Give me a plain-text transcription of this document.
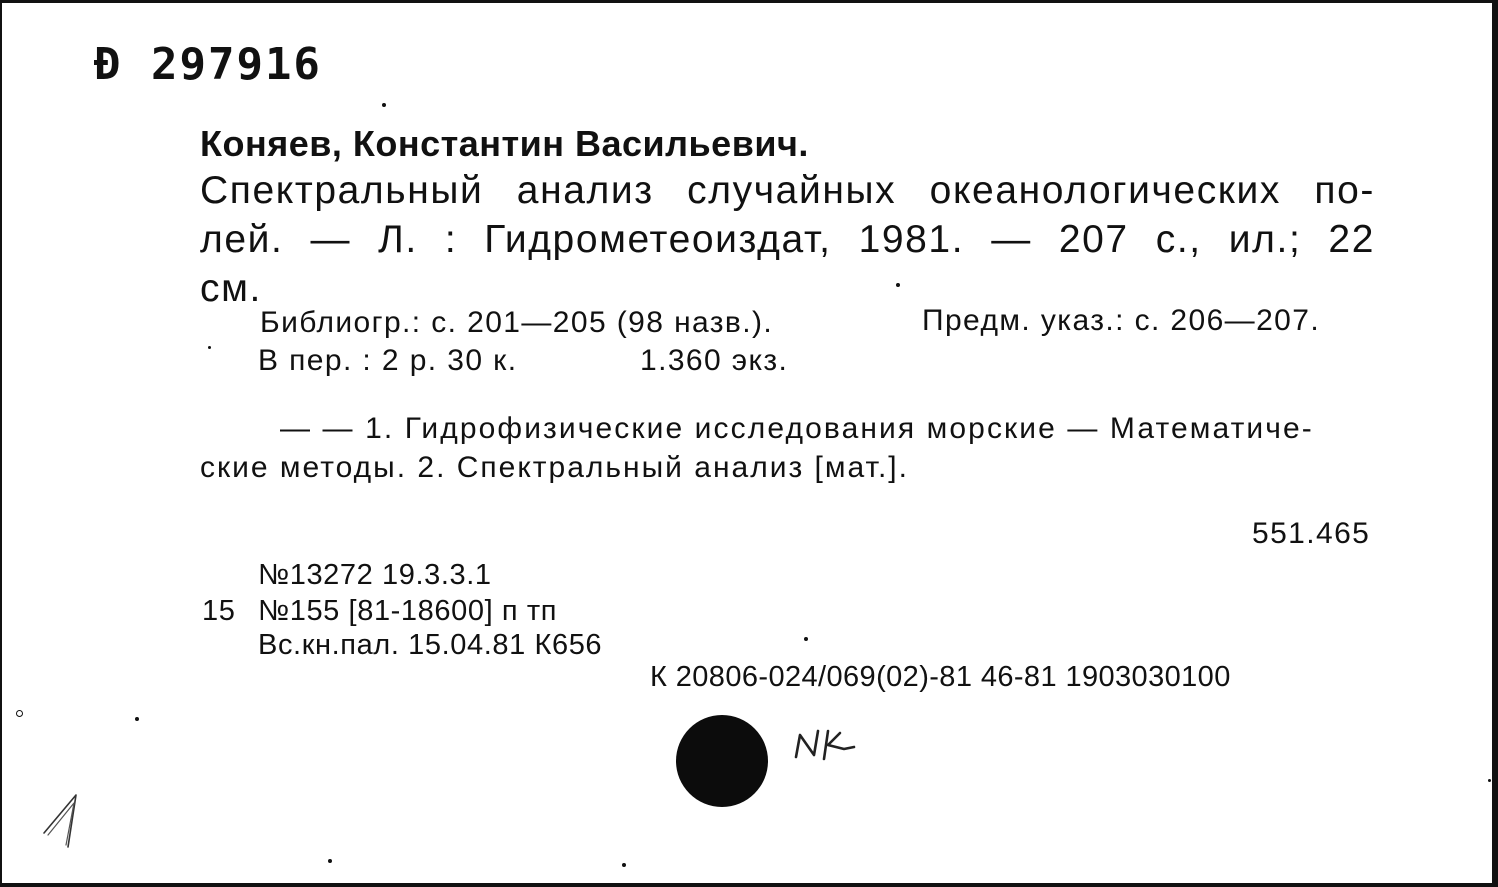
Ð 297916
Коняев, Константин Васильевич.
Спектральный анализ случайных океанологических по-
лей. — Л. : Гидрометеоиздат, 1981. — 207 с., ил.; 22
см.
Библиогр.: с. 201—205 (98 назв.).	Предм. указ.: с. 206—207.
В пер. : 2 р. 30 к.	1.360 экз.
— — 1. Гидрофизические исследования морские — Математиче-
ские методы. 2. Спектральный анализ [мат.].
551.465
№13272 19.3.3.1
15 №155 [81-18600] п тп
Вс.кн.пал. 15.04.81 К656
К 20806-024/069(02)-81 46-81 1903030100
